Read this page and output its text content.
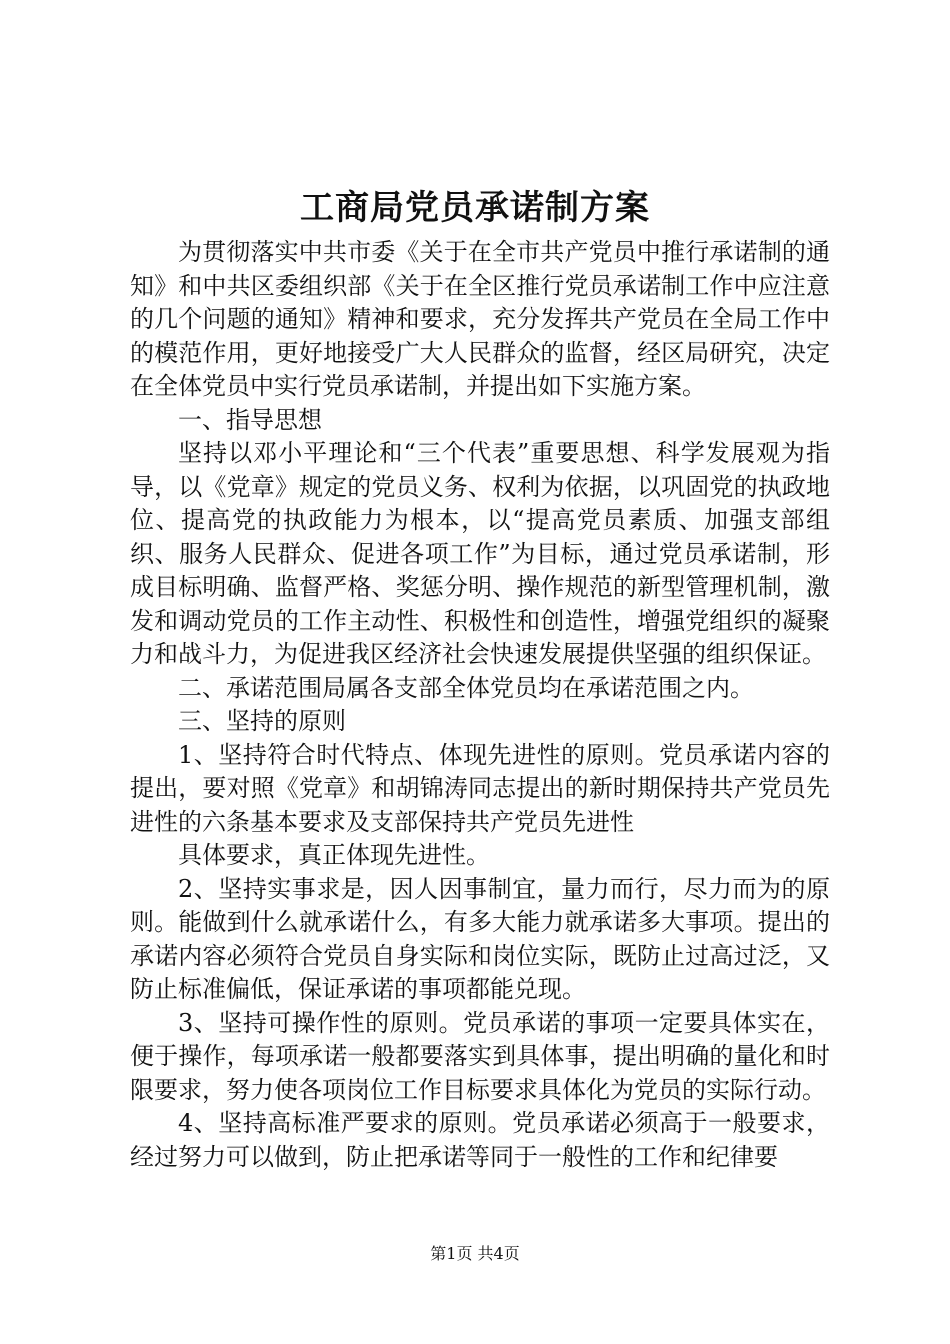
工商局党员承诺制方案

为贯彻落实中共市委《关于在全市共产党员中推行承诺制的通知》和中共区委组织部《关于在全区推行党员承诺制工作中应注意的几个问题的通知》精神和要求，充分发挥共产党员在全局工作中的模范作用，更好地接受广大人民群众的监督，经区局研究，决定在全体党员中实行党员承诺制，并提出如下实施方案。

一、指导思想

坚持以邓小平理论和“三个代表”重要思想、科学发展观为指导，以《党章》规定的党员义务、权利为依据，以巩固党的执政地位、提高党的执政能力为根本，以“提高党员素质、加强支部组织、服务人民群众、促进各项工作”为目标，通过党员承诺制，形成目标明确、监督严格、奖惩分明、操作规范的新型管理机制，激发和调动党员的工作主动性、积极性和创造性，增强党组织的凝聚力和战斗力，为促进我区经济社会快速发展提供坚强的组织保证。

二、承诺范围局属各支部全体党员均在承诺范围之内。

三、坚持的原则

1、坚持符合时代特点、体现先进性的原则。党员承诺内容的提出，要对照《党章》和胡锦涛同志提出的新时期保持共产党员先进性的六条基本要求及支部保持共产党员先进性

具体要求，真正体现先进性。

2、坚持实事求是，因人因事制宜，量力而行，尽力而为的原则。能做到什么就承诺什么，有多大能力就承诺多大事项。提出的承诺内容必须符合党员自身实际和岗位实际，既防止过高过泛，又防止标准偏低，保证承诺的事项都能兑现。

3、坚持可操作性的原则。党员承诺的事项一定要具体实在，便于操作，每项承诺一般都要落实到具体事，提出明确的量化和时限要求，努力使各项岗位工作目标要求具体化为党员的实际行动。

4、坚持高标准严要求的原则。党员承诺必须高于一般要求，经过努力可以做到，防止把承诺等同于一般性的工作和纪律要

第1页 共4页
